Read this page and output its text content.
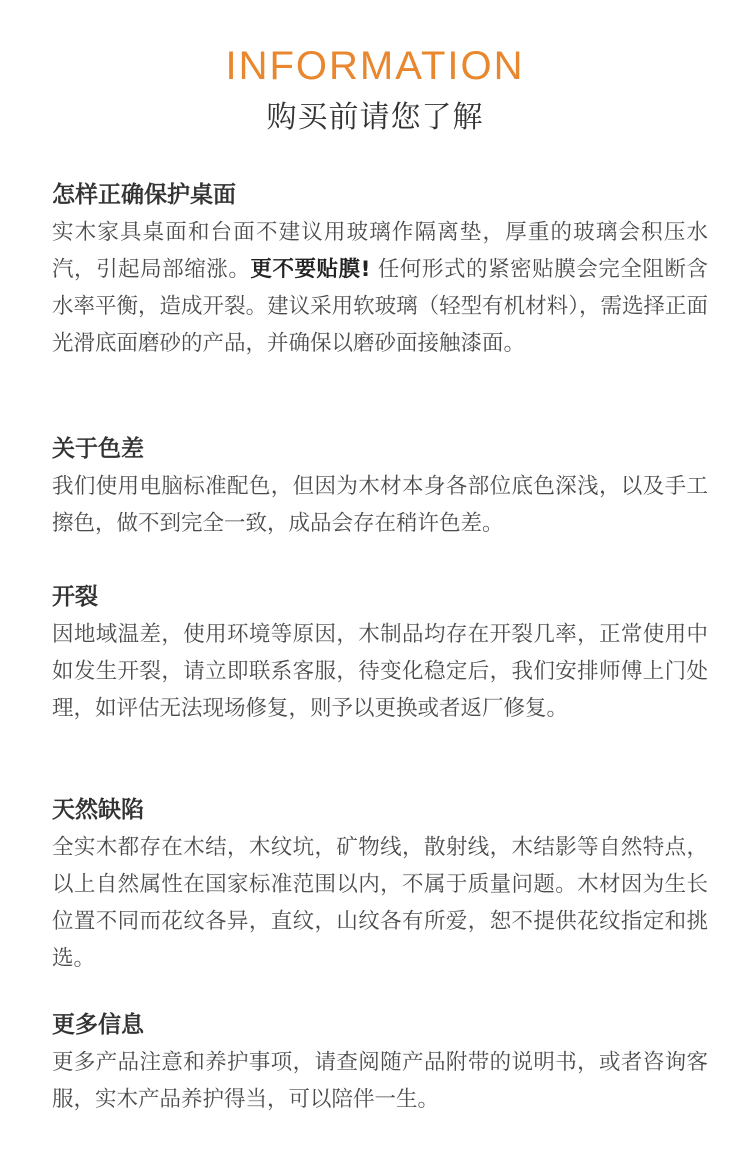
INFORMATION
购买前请您了解
怎样正确保护桌面
实木家具桌面和台面不建议用玻璃作隔离垫，厚重的玻璃会积压水汽，引起局部缩涨。更不要贴膜! 任何形式的紧密贴膜会完全阻断含水率平衡，造成开裂。建议采用软玻璃（轻型有机材料），需选择正面光滑底面磨砂的产品，并确保以磨砂面接触漆面。
关于色差
我们使用电脑标准配色，但因为木材本身各部位底色深浅，以及手工擦色，做不到完全一致，成品会存在稍许色差。
开裂
因地域温差，使用环境等原因，木制品均存在开裂几率，正常使用中如发生开裂，请立即联系客服，待变化稳定后，我们安排师傅上门处理，如评估无法现场修复，则予以更换或者返厂修复。
天然缺陷
全实木都存在木结，木纹坑，矿物线，散射线，木结影等自然特点，以上自然属性在国家标准范围以内，不属于质量问题。木材因为生长位置不同而花纹各异，直纹，山纹各有所爱，恕不提供花纹指定和挑选。
更多信息
更多产品注意和养护事项，请查阅随产品附带的说明书，或者咨询客服，实木产品养护得当，可以陪伴一生。
